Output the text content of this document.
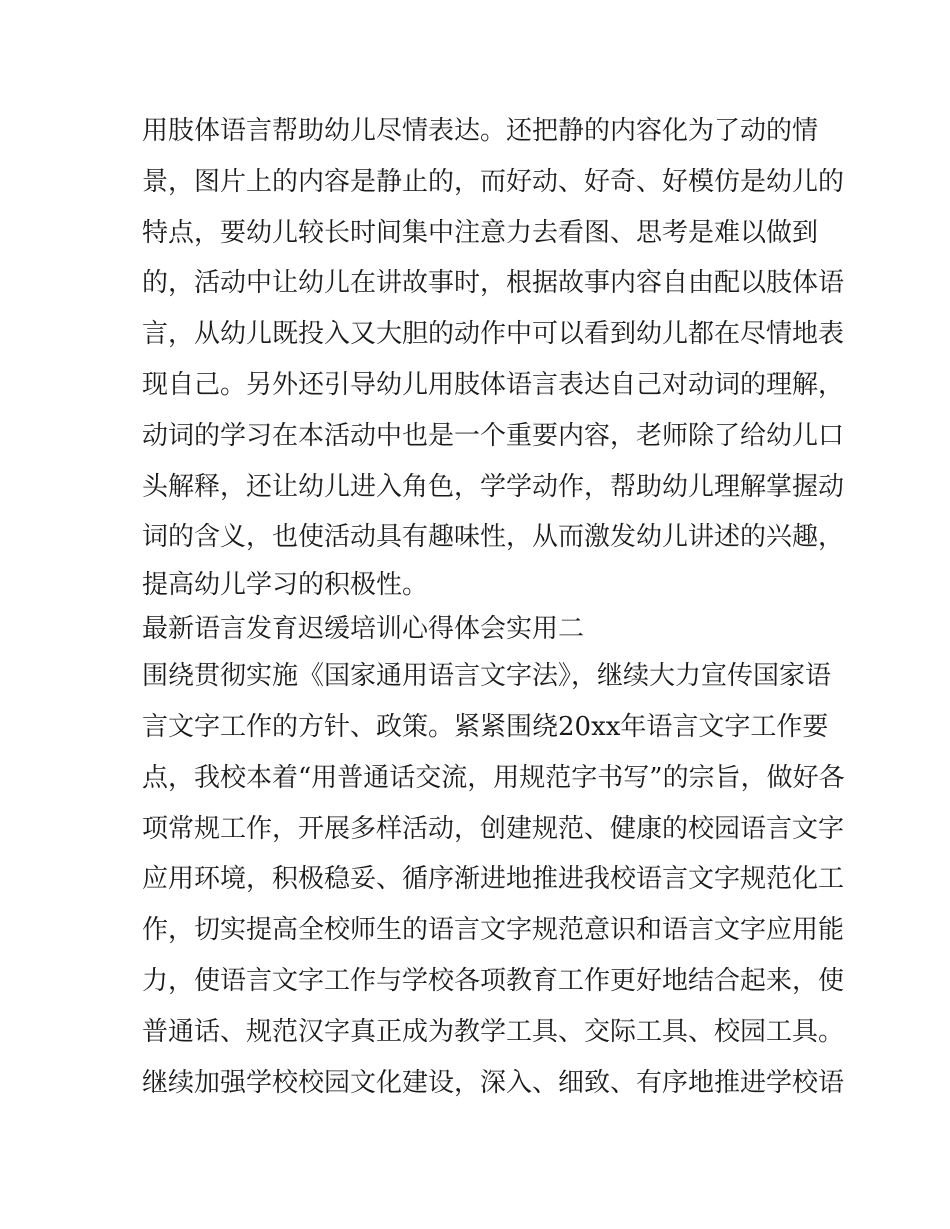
用肢体语言帮助幼儿尽情表达。还把静的内容化为了动的情
景，图片上的内容是静止的，而好动、好奇、好模仿是幼儿的
特点，要幼儿较长时间集中注意力去看图、思考是难以做到
的，活动中让幼儿在讲故事时，根据故事内容自由配以肢体语
言，从幼儿既投入又大胆的动作中可以看到幼儿都在尽情地表
现自己。另外还引导幼儿用肢体语言表达自己对动词的理解，
动词的学习在本活动中也是一个重要内容，老师除了给幼儿口
头解释，还让幼儿进入角色，学学动作，帮助幼儿理解掌握动
词的含义，也使活动具有趣味性，从而激发幼儿讲述的兴趣，
提高幼儿学习的积极性。
最新语言发育迟缓培训心得体会实用二
围绕贯彻实施《国家通用语言文字法》，继续大力宣传国家语
言文字工作的方针、政策。紧紧围绕20xx年语言文字工作要
点，我校本着“用普通话交流，用规范字书写”的宗旨，做好各
项常规工作，开展多样活动，创建规范、健康的校园语言文字
应用环境，积极稳妥、循序渐进地推进我校语言文字规范化工
作，切实提高全校师生的语言文字规范意识和语言文字应用能
力，使语言文字工作与学校各项教育工作更好地结合起来，使
普通话、规范汉字真正成为教学工具、交际工具、校园工具。
继续加强学校校园文化建设，深入、细致、有序地推进学校语
